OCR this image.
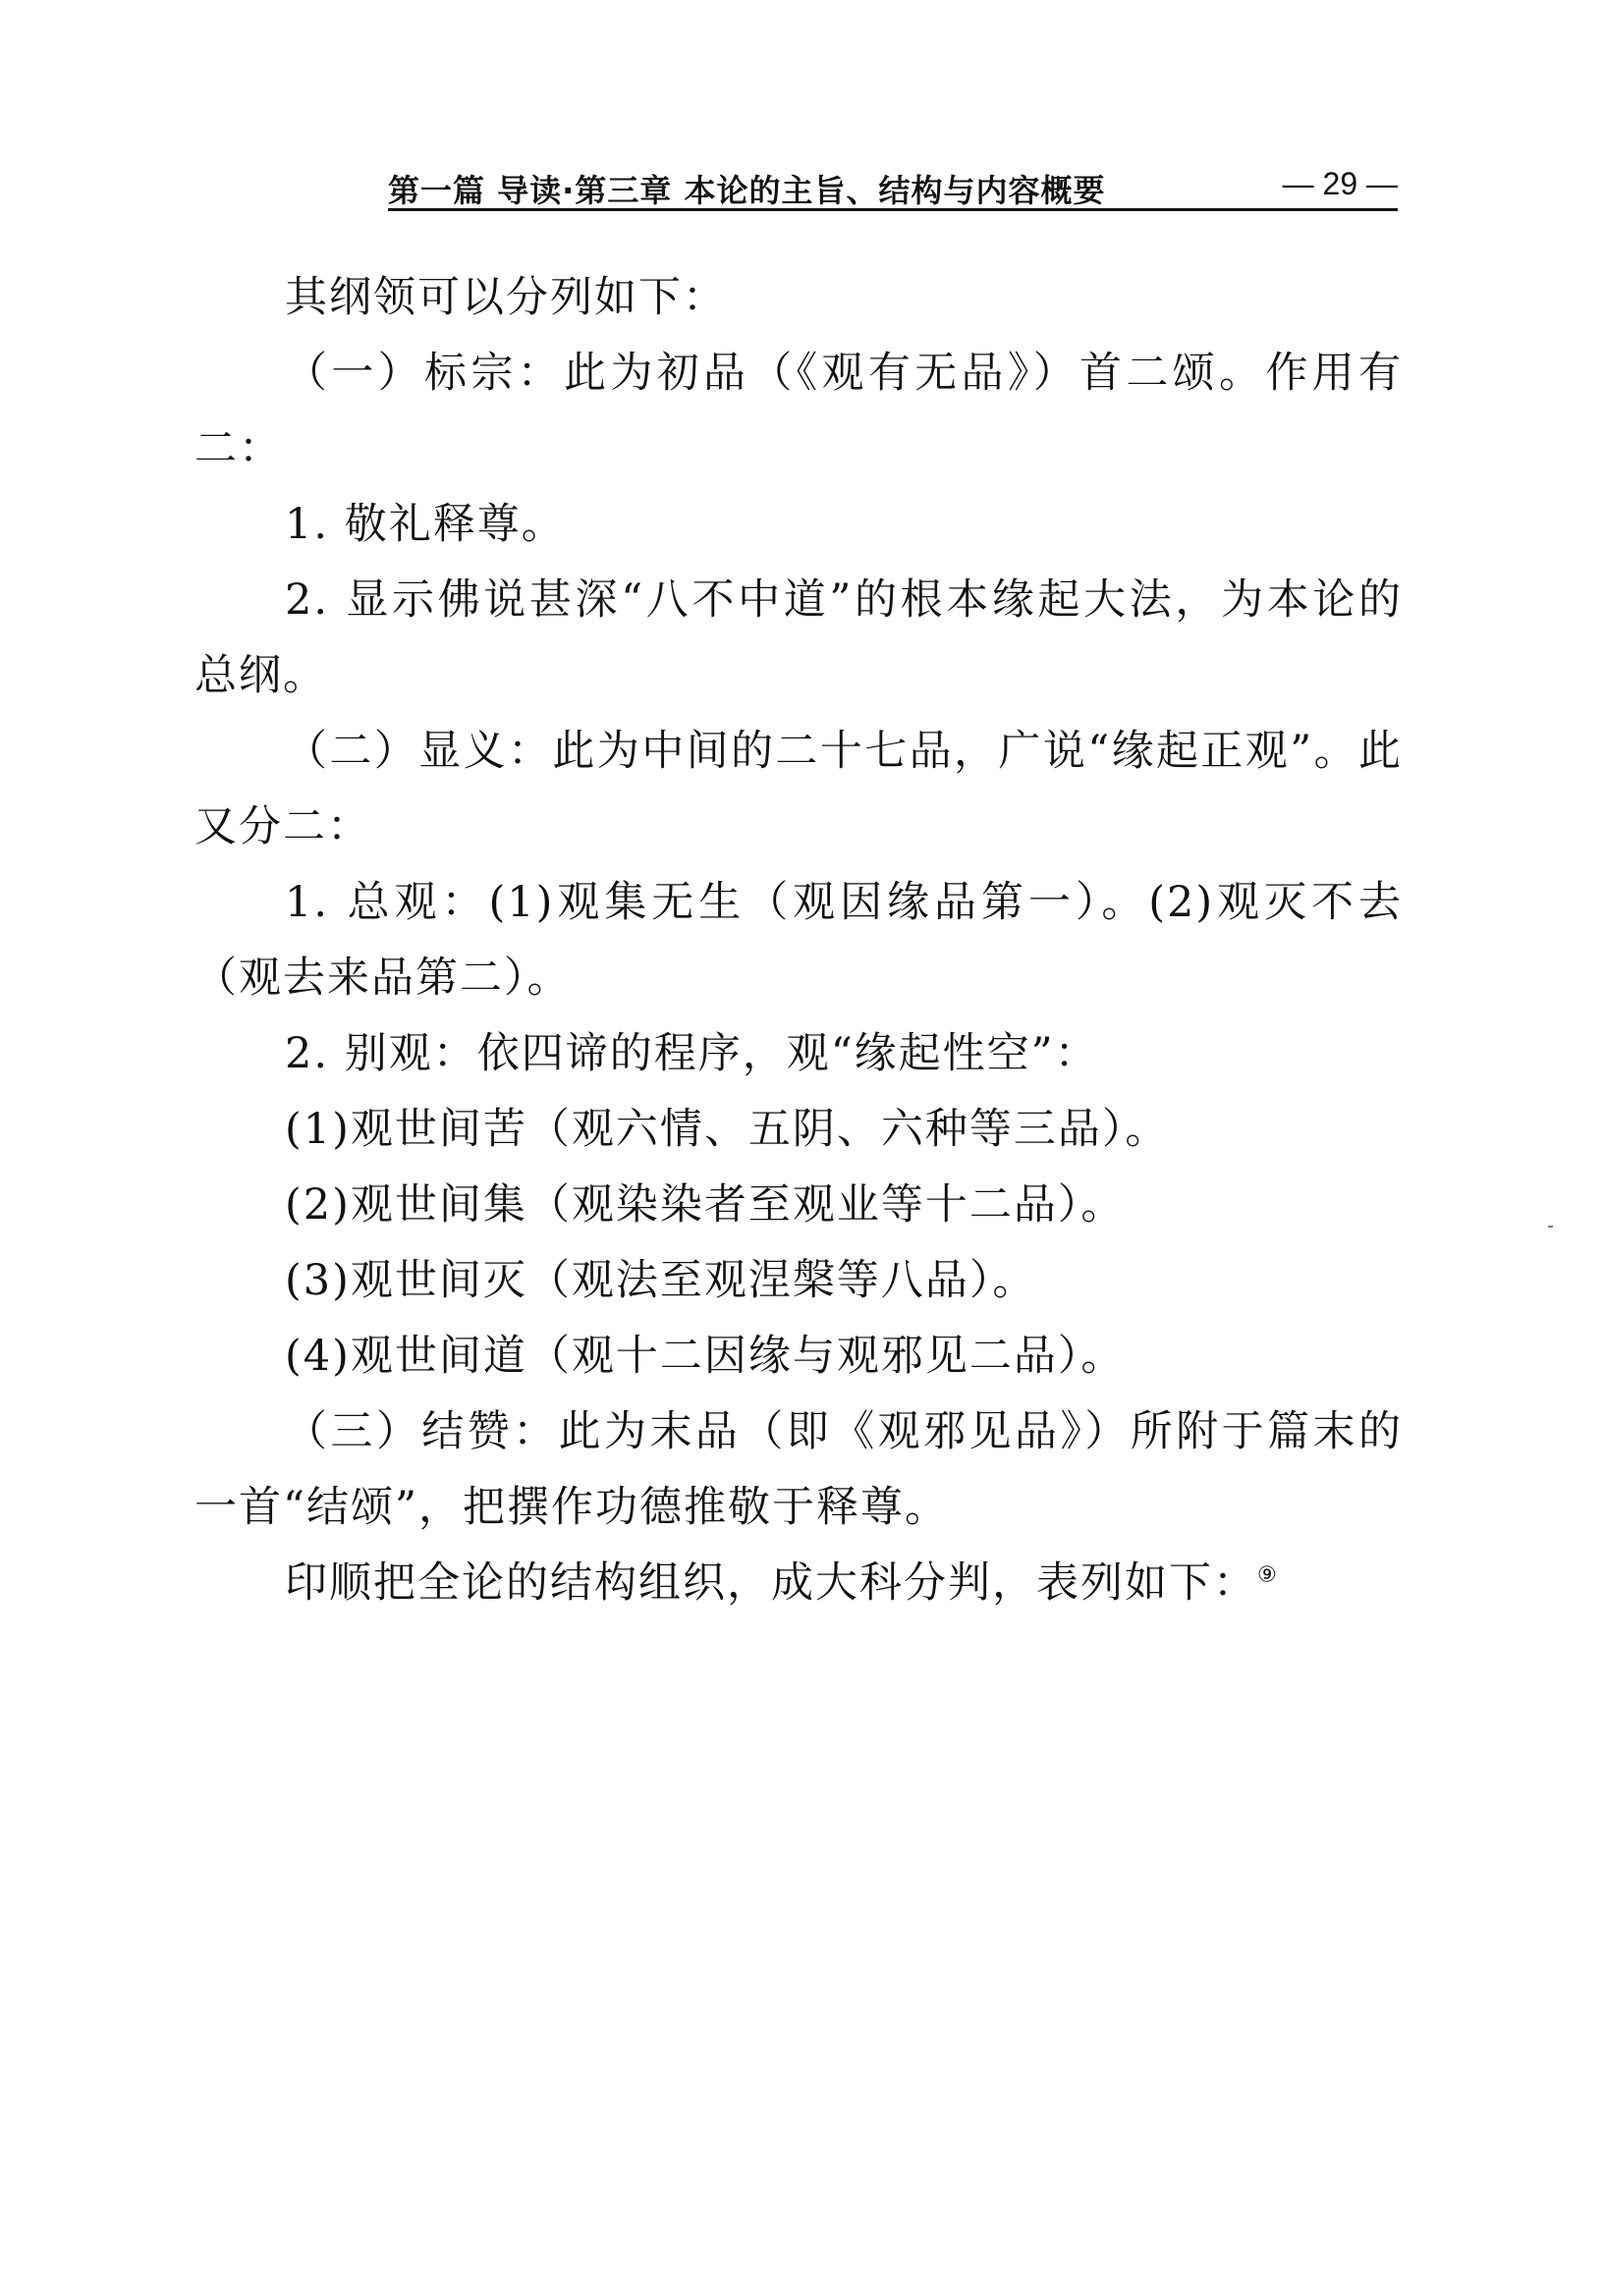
第一篇 导读·第三章 本论的主旨、结构与内容概要	— 29 —

其纲领可以分列如下：

（一）标宗：此为初品（《观有无品》）首二颂。作用有二：

1. 敬礼释尊。

2. 显示佛说甚深“八不中道”的根本缘起大法，为本论的总纲。

（二）显义：此为中间的二十七品，广说“缘起正观”。此又分二：

1. 总观：(1)观集无生（观因缘品第一）。(2)观灭不去（观去来品第二）。

2. 别观：依四谛的程序，观“缘起性空”：

(1)观世间苦（观六情、五阴、六种等三品）。

(2)观世间集（观染染者至观业等十二品）。

(3)观世间灭（观法至观涅槃等八品）。

(4)观世间道（观十二因缘与观邪见二品）。

（三）结赞：此为末品（即《观邪见品》）所附于篇末的一首“结颂”，把撰作功德推敬于释尊。

印顺把全论的结构组织，成大科分判，表列如下：⑨
